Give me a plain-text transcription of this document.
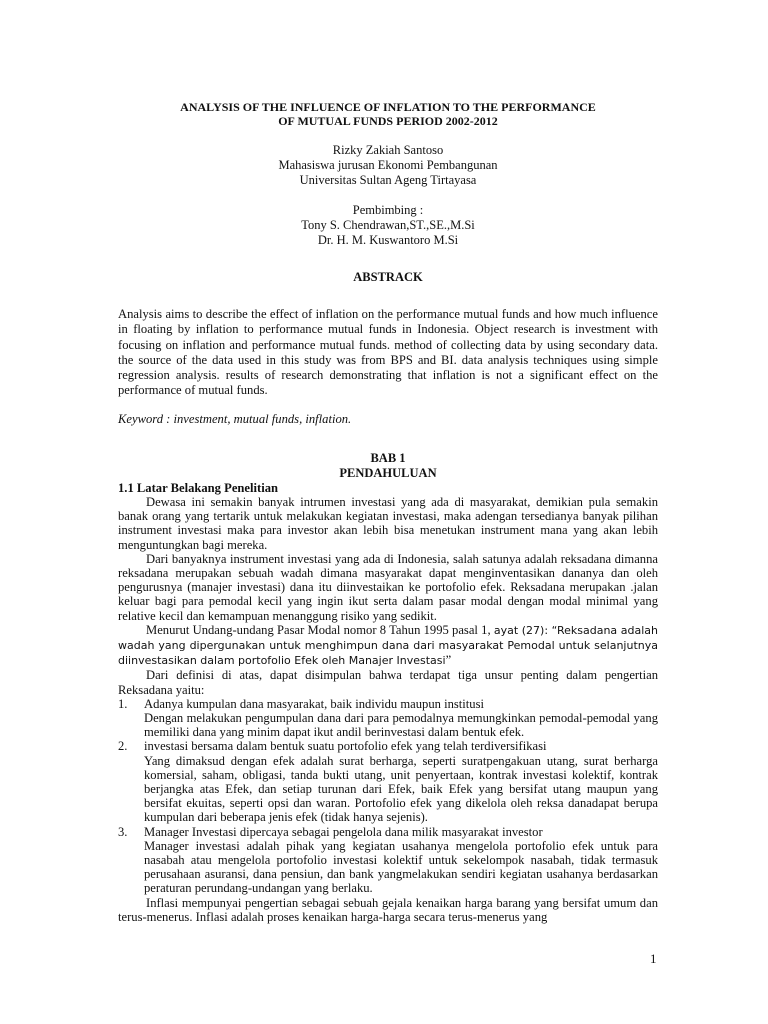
ANALYSIS OF THE INFLUENCE OF INFLATION TO THE PERFORMANCE
OF MUTUAL FUNDS PERIOD 2002-2012
Rizky Zakiah Santoso
Mahasiswa jurusan Ekonomi Pembangunan
Universitas Sultan Ageng Tirtayasa
Pembimbing :
Tony S. Chendrawan,ST.,SE.,M.Si
Dr. H. M. Kuswantoro M.Si
ABSTRACK

Analysis aims to describe the effect of inflation on the performance mutual funds and how much influence in floating by inflation to performance mutual funds in Indonesia. Object research is investment with focusing on inflation and performance mutual funds. method of collecting data by using secondary data. the source of the data used in this study was from BPS and BI. data analysis techniques using simple regression analysis. results of research demonstrating that inflation is not a significant effect on the performance of mutual funds.

Keyword : investment, mutual funds, inflation.

BAB 1
PENDAHULUAN

1.1 Latar Belakang Penelitian

Dewasa ini semakin banyak intrumen investasi yang ada di masyarakat, demikian pula semakin banak orang yang tertarik untuk melakukan kegiatan investasi, maka adengan tersedianya banyak pilihan instrument investasi maka para investor akan lebih bisa menetukan instrument mana yang akan lebih menguntungkan bagi mereka.

Dari banyaknya instrument investasi yang ada di Indonesia, salah satunya adalah reksadana dimanna reksadana merupakan sebuah wadah dimana masyarakat dapat menginventasikan dananya dan oleh pengurusnya (manajer investasi) dana itu diinvestaikan ke portofolio efek. Reksadana merupakan .jalan keluar bagi para pemodal kecil yang ingin ikut serta dalam pasar modal dengan modal minimal yang relative kecil dan kemampuan menanggung risiko yang sedikit.

Menurut Undang-undang Pasar Modal nomor 8 Tahun 1995 pasal 1, ayat (27): “Reksadana adalah wadah yang dipergunakan untuk menghimpun dana dari masyarakat Pemodal untuk selanjutnya diinvestasikan dalam portofolio Efek oleh Manajer Investasi”

Dari definisi di atas, dapat disimpulan bahwa terdapat tiga unsur penting dalam pengertian Reksadana yaitu:

1.	Adanya kumpulan dana masyarakat, baik individu maupun institusi

Dengan melakukan pengumpulan dana dari para pemodalnya memungkinkan pemodal-pemodal yang memiliki dana yang minim dapat ikut andil berinvestasi dalam bentuk efek.

2.	investasi bersama dalam bentuk suatu portofolio efek yang telah terdiversifikasi

Yang dimaksud dengan efek adalah surat berharga, seperti suratpengakuan utang, surat berharga komersial, saham, obligasi, tanda bukti utang, unit penyertaan, kontrak investasi kolektif, kontrak berjangka atas Efek, dan setiap turunan dari Efek, baik Efek yang bersifat utang maupun yang bersifat ekuitas, seperti opsi dan waran. Portofolio efek yang dikelola oleh reksa danadapat berupa kumpulan dari beberapa jenis efek (tidak hanya sejenis).

3.	Manager Investasi dipercaya sebagai pengelola dana milik masyarakat investor

Manager investasi adalah pihak yang kegiatan usahanya mengelola portofolio efek untuk para nasabah atau mengelola portofolio investasi kolektif untuk sekelompok nasabah, tidak termasuk perusahaan asuransi, dana pensiun, dan bank yangmelakukan sendiri kegiatan usahanya berdasarkan peraturan perundang-undangan yang berlaku.

Inflasi mempunyai pengertian sebagai sebuah gejala kenaikan harga barang yang bersifat umum dan terus-menerus. Inflasi adalah proses kenaikan harga-harga secara terus-menerus yang

1
